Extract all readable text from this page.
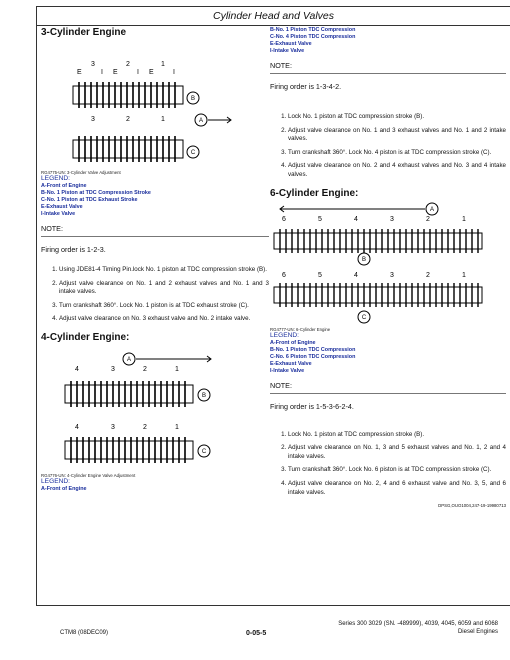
Cylinder Head and Valves

3-Cylinder Engine

3	2	1
E	I E	I E	I
3	2	1
B
C
A
RG4775-UN: 3-Cylinder Valve Adjustment
LEGEND:
A-Front of Engine
B-No. 1 Piston at TDC Compression Stroke
C-No. 1 Piston at TDC Exhaust Stroke
E-Exhaust Valve
I-Intake Valve
NOTE:
Firing order is 1-2-3.
1. Using JDE81-4 Timing Pin.lock No. 1 piston at TDC compression stroke (B).
2. Adjust valve clearance on No. 1 and 2 exhaust valves and No. 1 and 3 intake valves.
3. Turn crankshaft 360°. Lock No. 1 piston is at TDC exhaust stroke (C).
4. Adjust valve clearance on No. 3 exhaust valve and No. 2 intake valve.

4-Cylinder Engine:

4	3	2	1
4	3	2	1
A
B
C
RG4776-UN: 4-Cylinder Engine Valve Adjustment
LEGEND:
A-Front of Engine
B-No. 1 Piston TDC Compression
C-No. 4 Piston TDC Compression
E-Exhaust Valve
I-Intake Valve
NOTE:
Firing order is 1-3-4-2.
1. Lock No. 1 piston at TDC compression stroke (B).
2. Adjust valve clearance on No. 1 and 3 exhaust valves and No. 1 and 2 intake valves.
3. Turn crankshaft 360°. Lock No. 4 piston is at TDC compression stroke (C).
4. Adjust valve clearance on No. 2 and 4 exhaust valves and No. 3 and 4 intake valves.

6-Cylinder Engine:

6	5	4	3	2	1
6	5	4	3	2	1
A
B
C
RG4777-UN: 6-Cylinder Engine
LEGEND:
A-Front of Engine
B-No. 1 Piston TDC Compression
C-No. 6 Piston TDC Compression
E-Exhaust Valve
I-Intake Valve
NOTE:
Firing order is 1-5-3-6-2-4.
1. Lock No. 1 piston at TDC compression stroke (B).
2. Adjust valve clearance on No. 1, 3 and 5 exhaust valves and No. 1, 2 and 4 intake valves.
3. Turn crankshaft 360°. Lock No. 6 piston is at TDC compression stroke (C).
4. Adjust valve clearance on No. 2, 4 and 6 exhaust valve and No. 3, 5, and 6 intake valves.
DPSG,OUO1004,247-19-19980713
CTM8 (08DEC09)	0-05-5
Series 300 3029 (SN. -489999), 4039, 4045, 6059 and 6068
Diesel Engines
